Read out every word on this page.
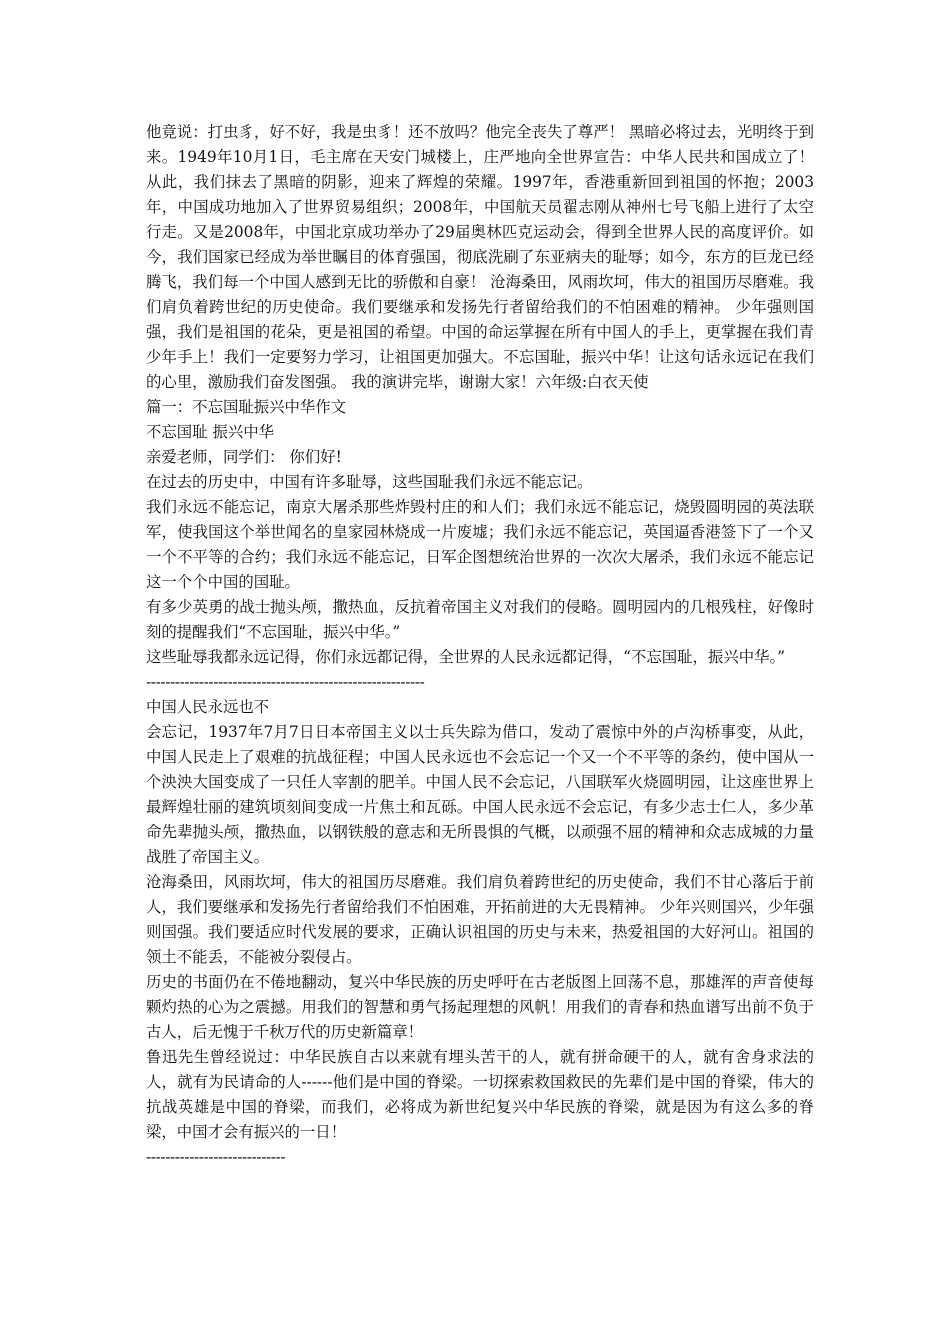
他竟说：打虫豸，好不好，我是虫豸！还不放吗？他完全丧失了尊严！ 黑暗必将过去，光明终于到来。1949年10月1日，毛主席在天安门城楼上，庄严地向全世界宣告：中华人民共和国成立了！从此，我们抹去了黑暗的阴影，迎来了辉煌的荣耀。1997年，香港重新回到祖国的怀抱；2003年，中国成功地加入了世界贸易组织；2008年，中国航天员翟志刚从神州七号飞船上进行了太空行走。又是2008年，中国北京成功举办了29届奥林匹克运动会，得到全世界人民的高度评价。如今，我们国家已经成为举世瞩目的体育强国，彻底洗刷了东亚病夫的耻辱；如今，东方的巨龙已经腾飞，我们每一个中国人感到无比的骄傲和自豪！ 沧海桑田，风雨坎坷，伟大的祖国历尽磨难。我们肩负着跨世纪的历史使命。我们要继承和发扬先行者留给我们的不怕困难的精神。 少年强则国强，我们是祖国的花朵，更是祖国的希望。中国的命运掌握在所有中国人的手上，更掌握在我们青少年手上！我们一定要努力学习，让祖国更加强大。不忘国耻，振兴中华！让这句话永远记在我们的心里，激励我们奋发图强。 我的演讲完毕，谢谢大家！六年级:白衣天使

篇一：不忘国耻振兴中华作文

不忘国耻 振兴中华

亲爱老师，同学们： 你们好!

在过去的历史中，中国有许多耻辱，这些国耻我们永远不能忘记。

我们永远不能忘记，南京大屠杀那些炸毁村庄的和人们；我们永远不能忘记，烧毁圆明园的英法联军，使我国这个举世闻名的皇家园林烧成一片废墟；我们永远不能忘记，英国逼香港签下了一个又一个不平等的合约；我们永远不能忘记，日军企图想统治世界的一次次大屠杀，我们永远不能忘记这一个个中国的国耻。

有多少英勇的战士抛头颅，撒热血，反抗着帝国主义对我们的侵略。圆明园内的几根残柱，好像时刻的提醒我们“不忘国耻，振兴中华。”

这些耻辱我都永远记得，你们永远都记得，全世界的人民永远都记得，“不忘国耻，振兴中华。”

----------------------------------------------------------

中国人民永远也不

会忘记，1937年7月7日日本帝国主义以士兵失踪为借口，发动了震惊中外的卢沟桥事变，从此，中国人民走上了艰难的抗战征程；中国人民永远也不会忘记一个又一个不平等的条约，使中国从一个泱泱大国变成了一只任人宰割的肥羊。中国人民不会忘记，八国联军火烧圆明园，让这座世界上最辉煌壮丽的建筑顷刻间变成一片焦土和瓦砾。中国人民永远不会忘记，有多少志士仁人，多少革命先辈抛头颅，撒热血，以钢铁般的意志和无所畏惧的气概，以顽强不屈的精神和众志成城的力量战胜了帝国主义。

沧海桑田，风雨坎坷，伟大的祖国历尽磨难。我们肩负着跨世纪的历史使命，我们不甘心落后于前人，我们要继承和发扬先行者留给我们不怕困难，开拓前进的大无畏精神。 少年兴则国兴，少年强则国强。我们要适应时代发展的要求，正确认识祖国的历史与未来，热爱祖国的大好河山。祖国的领土不能丢，不能被分裂侵占。

历史的书面仍在不倦地翻动，复兴中华民族的历史呼吁在古老版图上回荡不息，那雄浑的声音使每颗灼热的心为之震撼。用我们的智慧和勇气扬起理想的风帆！用我们的青春和热血谱写出前不负于古人，后无愧于千秋万代的历史新篇章！

鲁迅先生曾经说过：中华民族自古以来就有埋头苦干的人，就有拼命硬干的人，就有舍身求法的人，就有为民请命的人------他们是中国的脊梁。一切探索救国救民的先辈们是中国的脊梁，伟大的抗战英雄是中国的脊梁，而我们，必将成为新世纪复兴中华民族的脊梁，就是因为有这么多的脊梁，中国才会有振兴的一日！

-----------------------------
